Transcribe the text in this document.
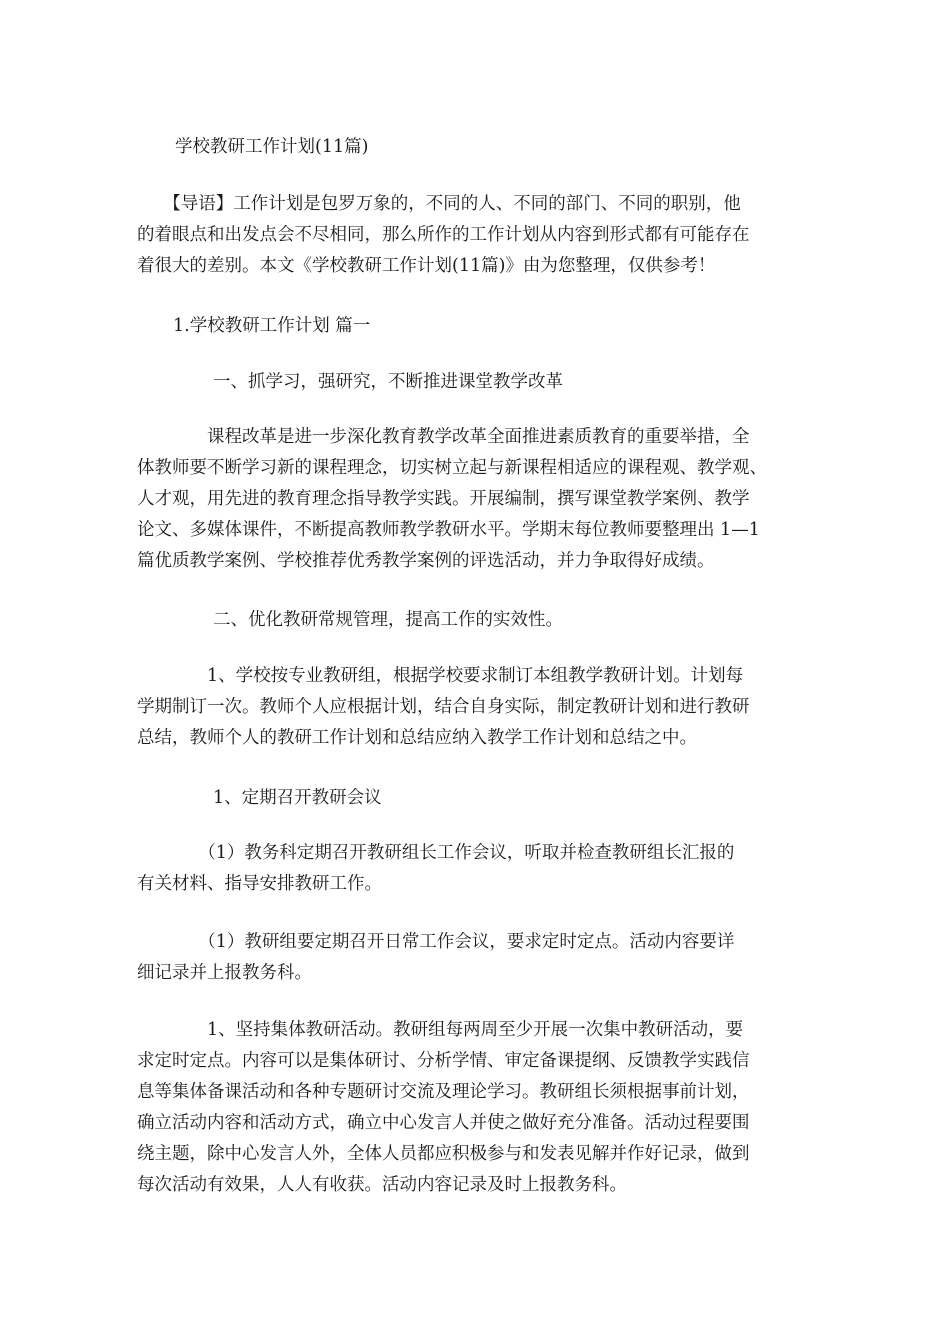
学校教研工作计划(11篇)
　　【导语】工作计划是包罗万象的，不同的人、不同的部门、不同的职别，他
的着眼点和出发点会不尽相同，那么所作的工作计划从内容到形式都有可能存在
着很大的差别。本文《学校教研工作计划(11篇)》由为您整理，仅供参考！
1.学校教研工作计划 篇一
一、抓学习，强研究，不断推进课堂教学改革
　　　　课程改革是进一步深化教育教学改革全面推进素质教育的重要举措，全
体教师要不断学习新的课程理念，切实树立起与新课程相适应的课程观、教学观、
人才观，用先进的教育理念指导教学实践。开展编制，撰写课堂教学案例、教学
论文、多媒体课件，不断提高教师教学教研水平。学期末每位教师要整理出 1—1
篇优质教学案例、学校推荐优秀教学案例的评选活动，并力争取得好成绩。
二、优化教研常规管理，提高工作的实效性。
　　　　1、学校按专业教研组，根据学校要求制订本组教学教研计划。计划每
学期制订一次。教师个人应根据计划，结合自身实际，制定教研计划和进行教研
总结，教师个人的教研工作计划和总结应纳入教学工作计划和总结之中。
1、定期召开教研会议
　　　　（1）教务科定期召开教研组长工作会议，听取并检查教研组长汇报的
有关材料、指导安排教研工作。
　　　　（1）教研组要定期召开日常工作会议，要求定时定点。活动内容要详
细记录并上报教务科。
　　　　1、坚持集体教研活动。教研组每两周至少开展一次集中教研活动，要
求定时定点。内容可以是集体研讨、分析学情、审定备课提纲、反馈教学实践信
息等集体备课活动和各种专题研讨交流及理论学习。教研组长须根据事前计划，
确立活动内容和活动方式，确立中心发言人并使之做好充分准备。活动过程要围
绕主题，除中心发言人外，全体人员都应积极参与和发表见解并作好记录，做到
每次活动有效果，人人有收获。活动内容记录及时上报教务科。
